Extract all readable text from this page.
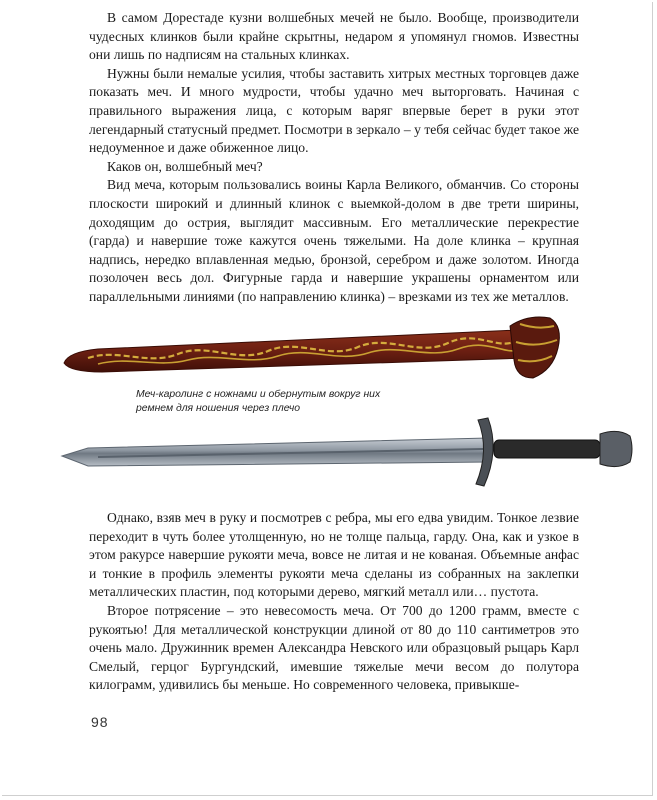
В самом Дорестаде кузни волшебных мечей не было. Вообще, производители чудесных клинков были крайне скрытны, недаром я упомянул гномов. Известны они лишь по надписям на стальных клинках.

Нужны были немалые усилия, чтобы заставить хитрых местных торговцев даже показать меч. И много мудрости, чтобы удачно меч выторговать. Начиная с правильного выражения лица, с которым варяг впервые берет в руки этот легендарный статусный предмет. Посмотри в зеркало – у тебя сейчас будет такое же недоуменное и даже обиженное лицо.

Каков он, волшебный меч?

Вид меча, которым пользовались воины Карла Великого, обманчив. Со стороны плоскости широкий и длинный клинок с выемкой-долом в две трети ширины, доходящим до острия, выглядит массивным. Его металлические перекрестие (гарда) и навершие тоже кажутся очень тяжелыми. На доле клинка – крупная надпись, нередко вплавленная медью, бронзой, серебром и даже золотом. Иногда позолочен весь дол. Фигурные гарда и навершие украшены орнаментом или параллельными линиями (по направлению клинка) – врезками из тех же металлов.

Меч-каролинг с ножнами и обернутым вокруг них ремнем для ношения через плечо

Однако, взяв меч в руку и посмотрев с ребра, мы его едва увидим. Тонкое лезвие переходит в чуть более утолщенную, но не толще пальца, гарду. Она, как и узкое в этом ракурсе навершие рукояти меча, вовсе не литая и не кованая. Объемные анфас и тонкие в профиль элементы рукояти меча сделаны из собранных на заклепки металлических пластин, под которыми дерево, мягкий металл или… пустота.

Второе потрясение – это невесомость меча. От 700 до 1200 грамм, вместе с рукоятью! Для металлической конструкции длиной от 80 до 110 сантиметров это очень мало. Дружинник времен Александра Невского или образцовый рыцарь Карл Смелый, герцог Бургундский, имевшие тяжелые мечи весом до полутора килограмм, удивились бы меньше. Но современного человека, привыкше-

98
